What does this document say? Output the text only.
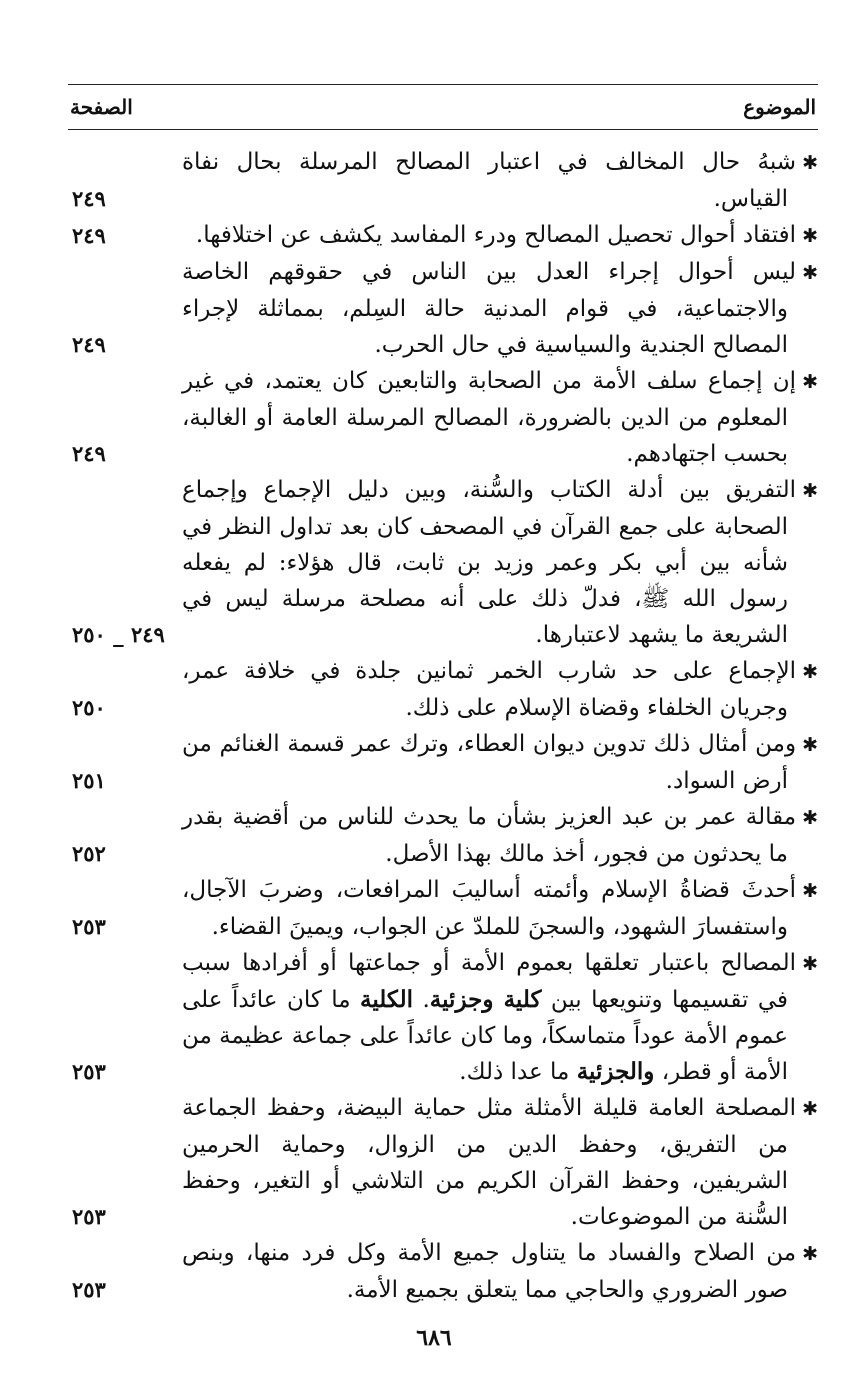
الموضوع
الصفحة
✱شبهُ حال المخالف في اعتبار المصالح المرسلة بحال نفاة القياس.
٢٤٩
✱افتقاد أحوال تحصيل المصالح ودرء المفاسد يكشف عن اختلافها.
٢٤٩
✱ليس أحوال إجراء العدل بين الناس في حقوقهم الخاصة والاجتماعية، في قوام المدنية حالة السِلم، بمماثلة لإجراء المصالح الجندية والسياسية في حال الحرب.
٢٤٩
✱إن إجماع سلف الأمة من الصحابة والتابعين كان يعتمد، في غير المعلوم من الدين بالضرورة، المصالح المرسلة العامة أو الغالبة، بحسب اجتهادهم.
٢٤٩
✱التفريق بين أدلة الكتاب والسُّنة، وبين دليل الإجماع وإجماع الصحابة على جمع القرآن في المصحف كان بعد تداول النظر في شأنه بين أبي بكر وعمر وزيد بن ثابت، قال هؤلاء: لم يفعله رسول الله ﷺ، فدلّ ذلك على أنه مصلحة مرسلة ليس في الشريعة ما يشهد لاعتبارها.
٢٤٩ _ ٢٥٠
✱الإجماع على حد شارب الخمر ثمانين جلدة في خلافة عمر، وجريان الخلفاء وقضاة الإسلام على ذلك.
٢٥٠
✱ومن أمثال ذلك تدوين ديوان العطاء، وترك عمر قسمة الغنائم من أرض السواد.
٢٥١
✱مقالة عمر بن عبد العزيز بشأن ما يحدث للناس من أقضية بقدر ما يحدثون من فجور، أخذ مالك بهذا الأصل.
٢٥٢
✱أحدثَ قضاةُ الإسلام وأئمته أساليبَ المرافعات، وضربَ الآجال، واستفسارَ الشهود، والسجنَ للملدّ عن الجواب، ويمينَ القضاء.
٢٥٣
✱المصالح باعتبار تعلقها بعموم الأمة أو جماعتها أو أفرادها سبب في تقسيمها وتنويعها بين كلية وجزئية. الكلية ما كان عائداً على عموم الأمة عوداً متماسكاً، وما كان عائداً على جماعة عظيمة من الأمة أو قطر، والجزئية ما عدا ذلك.
٢٥٣
✱المصلحة العامة قليلة الأمثلة مثل حماية البيضة، وحفظ الجماعة من التفريق، وحفظ الدين من الزوال، وحماية الحرمين الشريفين، وحفظ القرآن الكريم من التلاشي أو التغير، وحفظ السُّنة من الموضوعات.
٢٥٣
✱من الصلاح والفساد ما يتناول جميع الأمة وكل فرد منها، وبنص صور الضروري والحاجي مما يتعلق بجميع الأمة.
٢٥٣
٦٨٦
